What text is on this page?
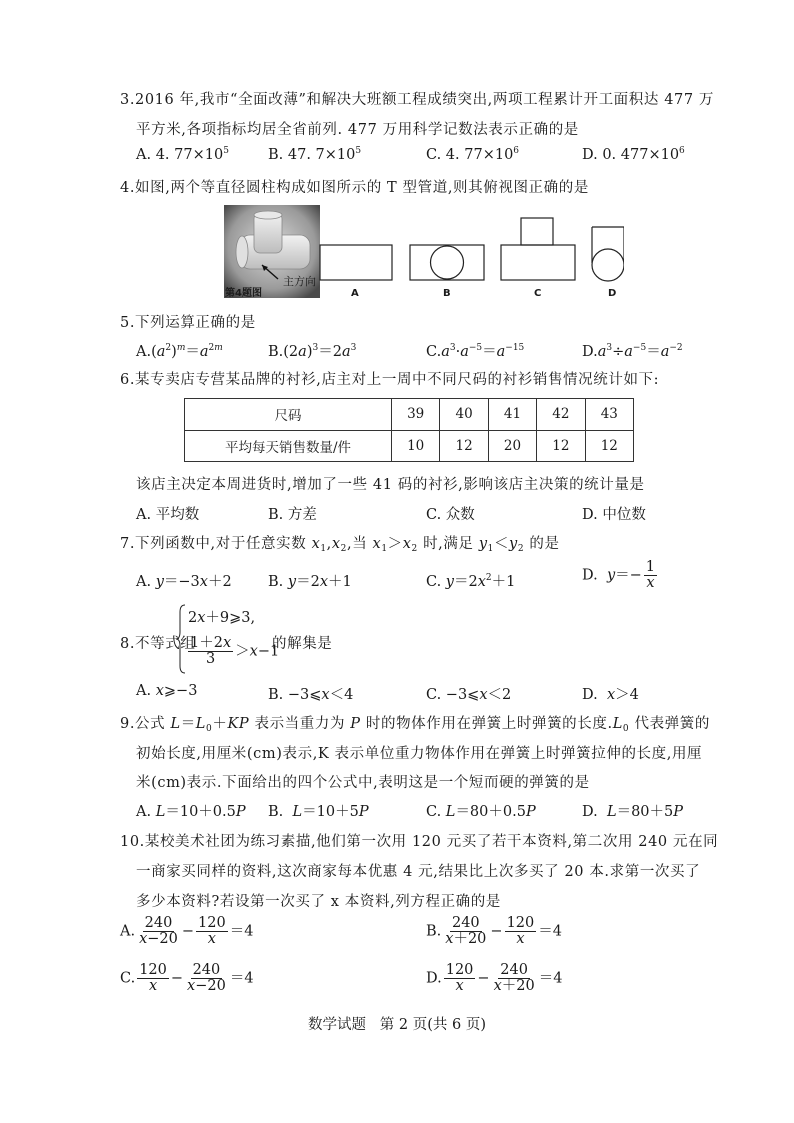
3.2016 年,我市“全面改薄”和解决大班额工程成绩突出,两项工程累计开工面积达 477 万
平方米,各项指标均居全省前列. 477 万用科学记数法表示正确的是
A. 4. $77\times 10^5$	B. 47. $7\times 10^5$	C. 4. $77\times 10^6$	D. 0. $477\times 10^6$
4.如图,两个等直径圆柱构成如图所示的 T 型管道,则其俯视图正确的是
第4题图
主方向
A	B	C	D
5.下列运算正确的是
$A.(a^2)^m=a^{2m}$	$B.(2a)^3=2a^3$	$C.a^3\cdot a^{-5}=a^{-15}$	$D.a^3\div a^{-5}=a^{-2}$
6.某专卖店专营某品牌的衬衫,店主对上一周中不同尺码的衬衫销售情况统计如下:
尺码	39	40	41	42	43
平均每天销售数量/件	10	12	20	12	12
该店主决定本周进货时,增加了一些 41 码的衬衫,影响该店主决策的统计量是
A. 平均数	B. 方差	C. 众数	D. 中位数
7.下列函数中,对于任意实数 $x_1,x_2$,当 $x_1>x_2$ 时,满足 $y_1<y_2$ 的是
A. y＝−3x＋2	B. y＝2x＋1	C. $y=2x^2+1$	D. $y=- \frac{1}{x}$
8.不等式组
2x＋9⩾3,
$\frac{1+2x}{3} >x-1$
的解集是
A. x⩾−3	B. −3⩽x＜4	C. −3⩽x＜2	D. x＞4
9.公式 $L=L_0+KP$ 表示当重力为 P 时的物体作用在弹簧上时弹簧的长度$.L_0$ 代表弹簧的
初始长度,用厘米(cm)表示,K 表示单位重力物体作用在弹簧上时弹簧拉伸的长度,用厘
米(cm)表示.下面给出的四个公式中,表明这是一个短而硬的弹簧的是
A. L＝10＋0.5P B. L＝10＋5P	C. L＝80＋0.5P	D. L＝80＋5P
10.某校美术社团为练习素描,他们第一次用 120 元买了若干本资料,第二次用 240 元在同
一商家买同样的资料,这次商家每本优惠 4 元,结果比上次多买了 20 本.求第一次买了
多少本资料?若设第一次买了 x 本资料,列方程正确的是
A. $\frac{240}{x-20} - \frac{120}{x} =4$	B. $\frac{240}{x+20} - \frac{120}{x} =4$
C. $\frac{120}{x} - \frac{240}{x-20} =4$	D. $\frac{120}{x} - \frac{240}{x+20} =4$
数学试题   第 2 页(共 6 页)
